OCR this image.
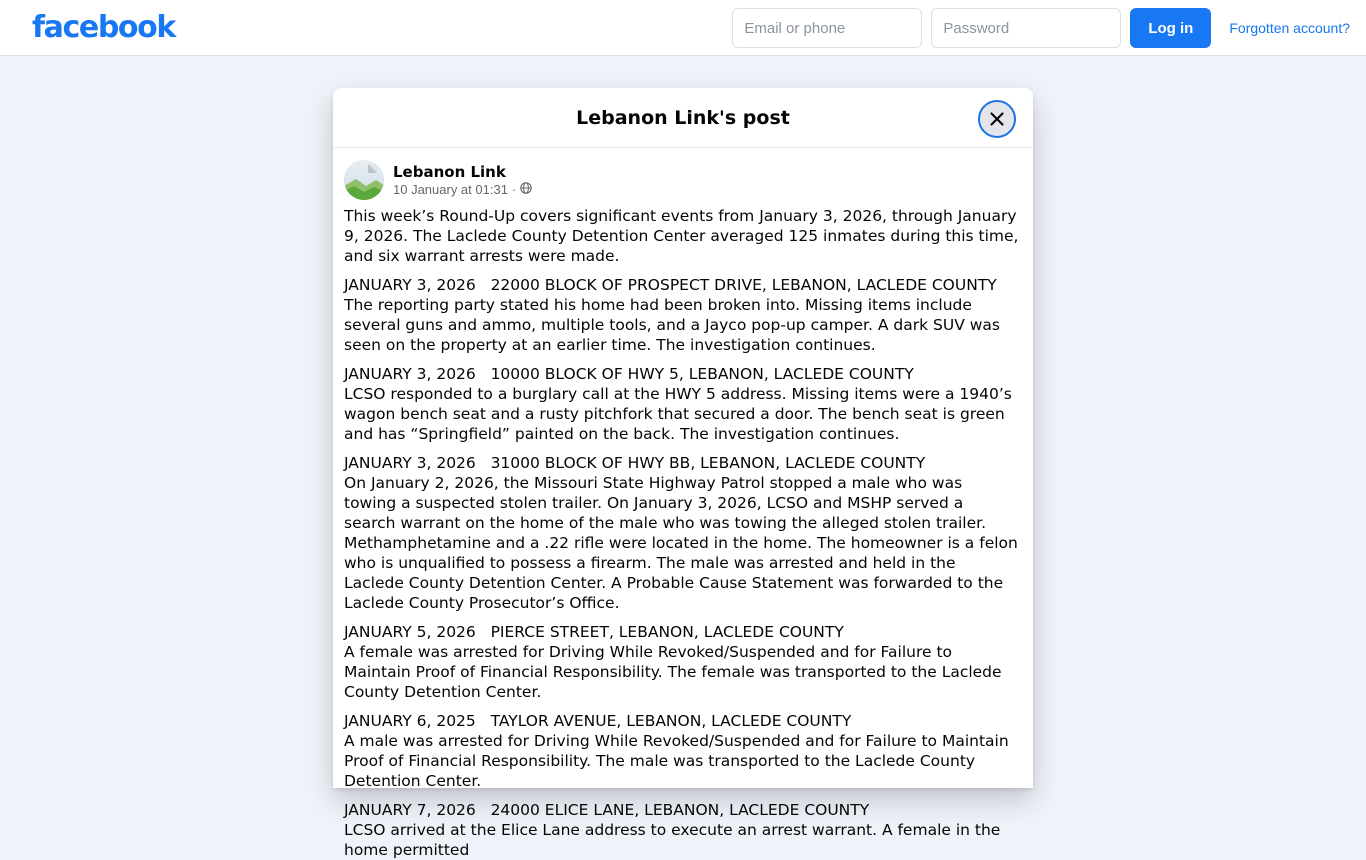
facebook
Email or phone	Log in	Forgotten account?
Lebanon Link's post
Lebanon Link
10 January at 01:31 ·

This week’s Round-Up covers significant events from January 3, 2026, through January 9, 2026. The Laclede County Detention Center averaged 125 inmates during this time, and six warrant arrests were made.

JANUARY 3, 2026 22000 BLOCK OF PROSPECT DRIVE, LEBANON, LACLEDE COUNTY

The reporting party stated his home had been broken into. Missing items include several guns and ammo, multiple tools, and a Jayco pop-up camper. A dark SUV was seen on the property at an earlier time. The investigation continues.

JANUARY 3, 2026 10000 BLOCK OF HWY 5, LEBANON, LACLEDE COUNTY

LCSO responded to a burglary call at the HWY 5 address. Missing items were a 1940’s wagon bench seat and a rusty pitchfork that secured a door. The bench seat is green and has “Springfield” painted on the back. The investigation continues.

JANUARY 3, 2026 31000 BLOCK OF HWY BB, LEBANON, LACLEDE COUNTY

On January 2, 2026, the Missouri State Highway Patrol stopped a male who was towing a suspected stolen trailer. On January 3, 2026, LCSO and MSHP served a search warrant on the home of the male who was towing the alleged stolen trailer. Methamphetamine and a .22 rifle were located in the home. The homeowner is a felon who is unqualified to possess a firearm. The male was arrested and held in the Laclede County Detention Center. A Probable Cause Statement was forwarded to the Laclede County Prosecutor’s Office.

JANUARY 5, 2026 PIERCE STREET, LEBANON, LACLEDE COUNTY

A female was arrested for Driving While Revoked/Suspended and for Failure to Maintain Proof of Financial Responsibility. The female was transported to the Laclede County Detention Center.

JANUARY 6, 2025 TAYLOR AVENUE, LEBANON, LACLEDE COUNTY

A male was arrested for Driving While Revoked/Suspended and for Failure to Maintain Proof of Financial Responsibility. The male was transported to the Laclede County Detention Center.

JANUARY 7, 2026 24000 ELICE LANE, LEBANON, LACLEDE COUNTY

LCSO arrived at the Elice Lane address to execute an arrest warrant. A female in the home permitted
